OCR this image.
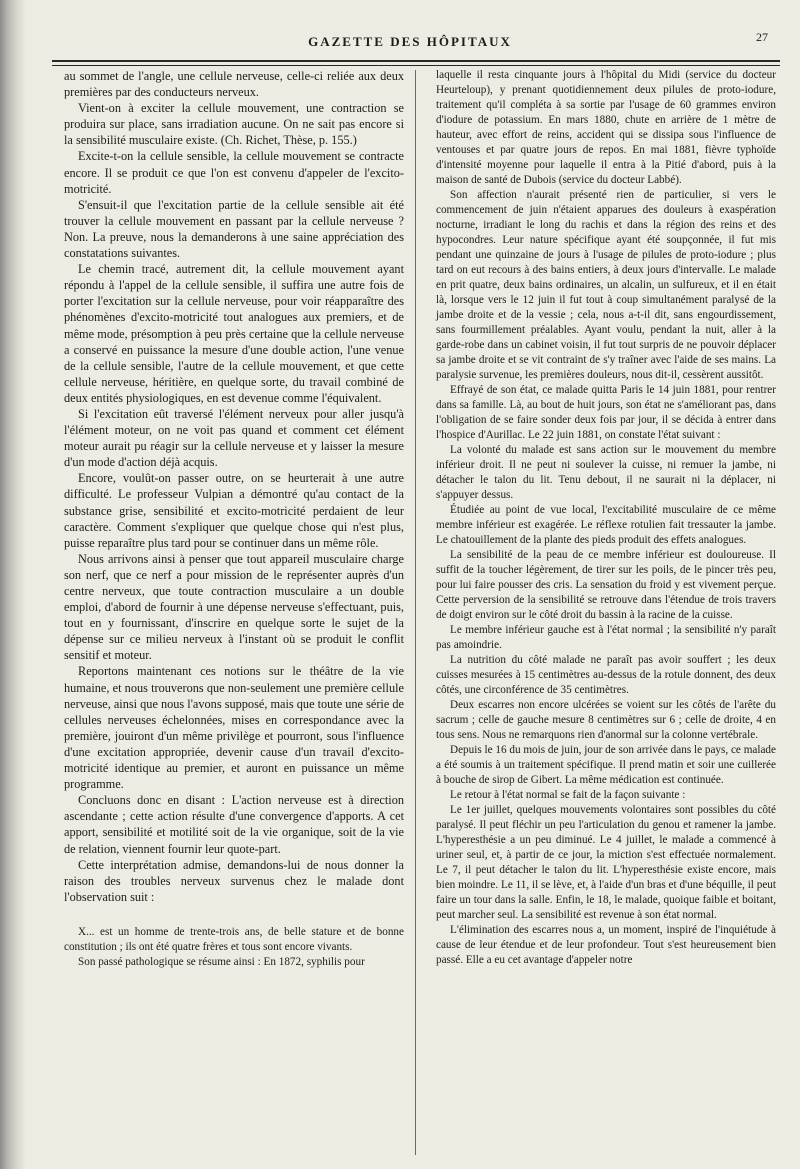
GAZETTE DES HÔPITAUX	27

au sommet de l'angle, une cellule nerveuse, celle-ci reliée aux deux premières par des conducteurs nerveux.

Vient-on à exciter la cellule mouvement, une contraction se produira sur place, sans irradiation aucune. On ne sait pas encore si la sensibilité musculaire existe. (Ch. Richet, Thèse, p. 155.)

Excite-t-on la cellule sensible, la cellule mouvement se contracte encore. Il se produit ce que l'on est convenu d'appeler de l'excito-motricité.

S'ensuit-il que l'excitation partie de la cellule sensible ait été trouver la cellule mouvement en passant par la cellule nerveuse ? Non. La preuve, nous la demanderons à une saine appréciation des constatations suivantes.

Le chemin tracé, autrement dit, la cellule mouvement ayant répondu à l'appel de la cellule sensible, il suffira une autre fois de porter l'excitation sur la cellule nerveuse, pour voir réapparaître des phénomènes d'excito-motricité tout analogues aux premiers, et de même mode, présomption à peu près certaine que la cellule nerveuse a conservé en puissance la mesure d'une double action, l'une venue de la cellule sensible, l'autre de la cellule mouvement, et que cette cellule nerveuse, héritière, en quelque sorte, du travail combiné de deux entités physiologiques, en est devenue comme l'équivalent.

Si l'excitation eût traversé l'élément nerveux pour aller jusqu'à l'élément moteur, on ne voit pas quand et comment cet élément moteur aurait pu réagir sur la cellule nerveuse et y laisser la mesure d'un mode d'action déjà acquis.

Encore, voulût-on passer outre, on se heurterait à une autre difficulté. Le professeur Vulpian a démontré qu'au contact de la substance grise, sensibilité et excito-motricité perdaient de leur caractère. Comment s'expliquer que quelque chose qui n'est plus, puisse reparaître plus tard pour se continuer dans un même rôle.

Nous arrivons ainsi à penser que tout appareil musculaire charge son nerf, que ce nerf a pour mission de le représenter auprès d'un centre nerveux, que toute contraction musculaire a un double emploi, d'abord de fournir à une dépense nerveuse s'effectuant, puis, tout en y fournissant, d'inscrire en quelque sorte le sujet de la dépense sur ce milieu nerveux à l'instant où se produit le conflit sensitif et moteur.

Reportons maintenant ces notions sur le théâtre de la vie humaine, et nous trouverons que non-seulement une première cellule nerveuse, ainsi que nous l'avons supposé, mais que toute une série de cellules nerveuses échelonnées, mises en correspondance avec la première, jouiront d'un même privilège et pourront, sous l'influence d'une excitation appropriée, devenir cause d'un travail d'excito-motricité identique au premier, et auront en puissance un même programme.

Concluons donc en disant : L'action nerveuse est à direction ascendante ; cette action résulte d'une convergence d'apports. A cet apport, sensibilité et motilité soit de la vie organique, soit de la vie de relation, viennent fournir leur quote-part.

Cette interprétation admise, demandons-lui de nous donner la raison des troubles nerveux survenus chez le malade dont l'observation suit :

X... est un homme de trente-trois ans, de belle stature et de bonne constitution ; ils ont été quatre frères et tous sont encore vivants.

Son passé pathologique se résume ainsi : En 1872, syphilis pour

laquelle il resta cinquante jours à l'hôpital du Midi (service du docteur Heurteloup), y prenant quotidiennement deux pilules de proto-iodure, traitement qu'il compléta à sa sortie par l'usage de 60 grammes environ d'iodure de potassium. En mars 1880, chute en arrière de 1 mètre de hauteur, avec effort de reins, accident qui se dissipa sous l'influence de ventouses et par quatre jours de repos. En mai 1881, fièvre typhoïde d'intensité moyenne pour laquelle il entra à la Pitié d'abord, puis à la maison de santé de Dubois (service du docteur Labbé).

Son affection n'aurait présenté rien de particulier, si vers le commencement de juin n'étaient apparues des douleurs à exaspération nocturne, irradiant le long du rachis et dans la région des reins et des hypocondres. Leur nature spécifique ayant été soupçonnée, il fut mis pendant une quinzaine de jours à l'usage de pilules de proto-iodure ; plus tard on eut recours à des bains entiers, à deux jours d'intervalle. Le malade en prit quatre, deux bains ordinaires, un alcalin, un sulfureux, et il en était là, lorsque vers le 12 juin il fut tout à coup simultanément paralysé de la jambe droite et de la vessie ; cela, nous a-t-il dit, sans engourdissement, sans fourmillement préalables. Ayant voulu, pendant la nuit, aller à la garde-robe dans un cabinet voisin, il fut tout surpris de ne pouvoir déplacer sa jambe droite et se vit contraint de s'y traîner avec l'aide de ses mains. La paralysie survenue, les premières douleurs, nous dit-il, cessèrent aussitôt.

Effrayé de son état, ce malade quitta Paris le 14 juin 1881, pour rentrer dans sa famille. Là, au bout de huit jours, son état ne s'améliorant pas, dans l'obligation de se faire sonder deux fois par jour, il se décida à entrer dans l'hospice d'Aurillac. Le 22 juin 1881, on constate l'état suivant :

La volonté du malade est sans action sur le mouvement du membre inférieur droit. Il ne peut ni soulever la cuisse, ni remuer la jambe, ni détacher le talon du lit. Tenu debout, il ne saurait ni la déplacer, ni s'appuyer dessus.

Étudiée au point de vue local, l'excitabilité musculaire de ce même membre inférieur est exagérée. Le réflexe rotulien fait tressauter la jambe. Le chatouillement de la plante des pieds produit des effets analogues.

La sensibilité de la peau de ce membre inférieur est douloureuse. Il suffit de la toucher légèrement, de tirer sur les poils, de le pincer très peu, pour lui faire pousser des cris. La sensation du froid y est vivement perçue. Cette perversion de la sensibilité se retrouve dans l'étendue de trois travers de doigt environ sur le côté droit du bassin à la racine de la cuisse.

Le membre inférieur gauche est à l'état normal ; la sensibilité n'y paraît pas amoindrie.

La nutrition du côté malade ne paraît pas avoir souffert ; les deux cuisses mesurées à 15 centimètres au-dessus de la rotule donnent, des deux côtés, une circonférence de 35 centimètres.

Deux escarres non encore ulcérées se voient sur les côtés de l'arête du sacrum ; celle de gauche mesure 8 centimètres sur 6 ; celle de droite, 4 en tous sens. Nous ne remarquons rien d'anormal sur la colonne vertébrale.

Depuis le 16 du mois de juin, jour de son arrivée dans le pays, ce malade a été soumis à un traitement spécifique. Il prend matin et soir une cuillerée à bouche de sirop de Gibert. La même médication est continuée.

Le retour à l'état normal se fait de la façon suivante :

Le 1er juillet, quelques mouvements volontaires sont possibles du côté paralysé. Il peut fléchir un peu l'articulation du genou et ramener la jambe. L'hyperesthésie a un peu diminué. Le 4 juillet, le malade a commencé à uriner seul, et, à partir de ce jour, la miction s'est effectuée normalement. Le 7, il peut détacher le talon du lit. L'hyperesthésie existe encore, mais bien moindre. Le 11, il se lève, et, à l'aide d'un bras et d'une béquille, il peut faire un tour dans la salle. Enfin, le 18, le malade, quoique faible et boitant, peut marcher seul. La sensibilité est revenue à son état normal.

L'élimination des escarres nous a, un moment, inspiré de l'inquiétude à cause de leur étendue et de leur profondeur. Tout s'est heureusement bien passé. Elle a eu cet avantage d'appeler notre
